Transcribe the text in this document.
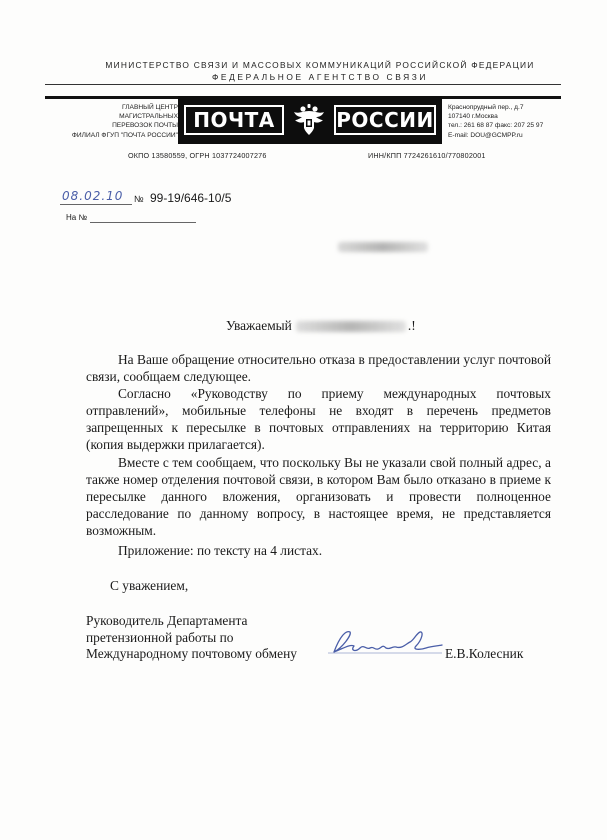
МИНИСТЕРСТВО СВЯЗИ И МАССОВЫХ КОММУНИКАЦИЙ РОССИЙСКОЙ ФЕДЕРАЦИИ
ФЕДЕРАЛЬНОЕ АГЕНТСТВО СВЯЗИ
ГЛАВНЫЙ ЦЕНТР
МАГИСТРАЛЬНЫХ
ПЕРЕВОЗОК ПОЧТЫ
ФИЛИАЛ ФГУП "ПОЧТА РОССИИ"
ПОЧТА	РОССИИ
Краснопрудный пер., д.7
107140 г.Москва
тел.: 261 68 87 факс: 207 25 97
E-mail: DOU@GCMPP.ru
ОКПО 13580559, ОГРН 1037724007276	ИНН/КПП 7724261610/770802001
08.02.10 № 99-19/646-10/5
На №
Уважаемый	.!

На Ваше обращение относительно отказа в предоставлении услуг почтовой связи, сообщаем следующее.

Согласно «Руководству по приему международных почтовых отправлений», мобильные телефоны не входят в перечень предметов запрещенных к пересылке в почтовых отправлениях на территорию Китая (копия выдержки прилагается).

Вместе с тем сообщаем, что поскольку Вы не указали свой полный адрес, а также номер отделения почтовой связи, в котором Вам было отказано в приеме к пересылке данного вложения, организовать и провести полноценное расследование по данному вопросу, в настоящее время, не представляется возможным.

Приложение: по тексту на 4 листах.
С уважением,
Руководитель Департамента
претензионной работы по
Международному почтовому обмену	Е.В.Колесник
